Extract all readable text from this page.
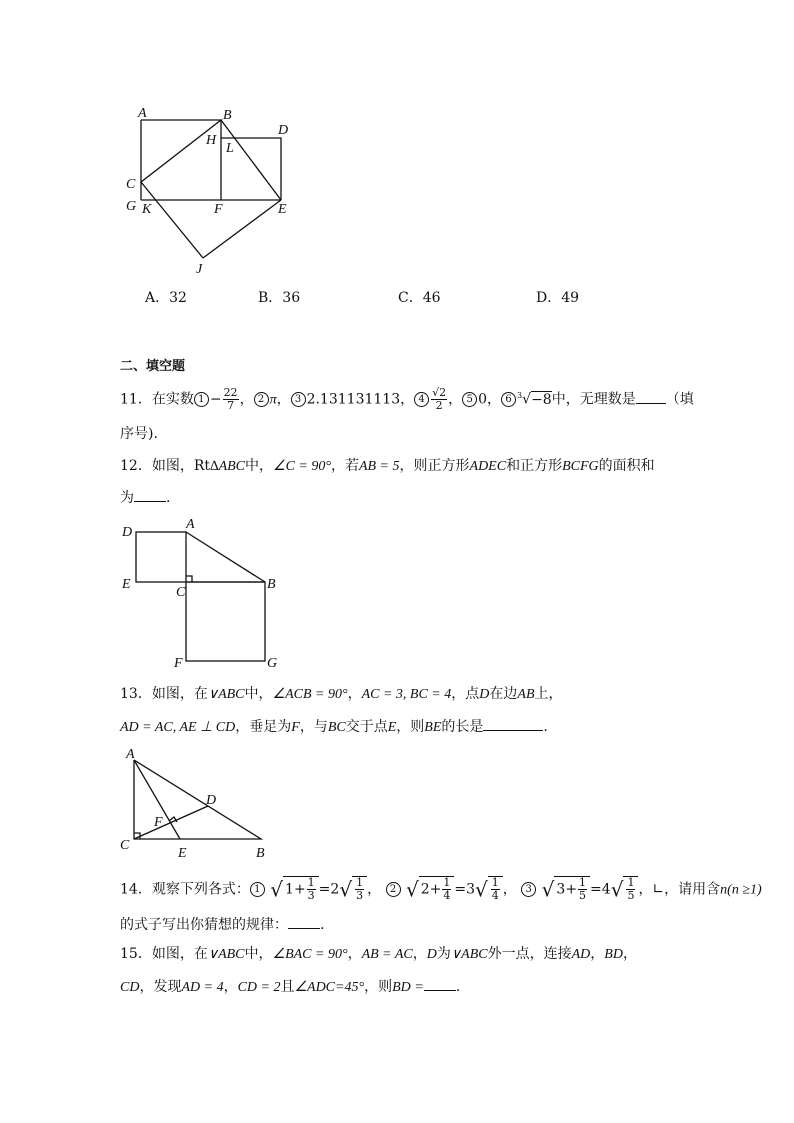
A	B
H
L
D
C
G K	F	E
J
A．32	B．36	C．46	D．49
二、填空题
11．在实数 $1 - \frac{22}{7}$ ， 2 π， 3 2.131131113， $4 \frac{√2}{2}$ ， 5 0， 6 $^3$√−8中，无理数是 （填
序号).
12．如图，Rt∆ABC中，∠C = 90°，若AB = 5，则正方形ADEC和正方形BCFG的面积和
为 .
D
A
E
C
B
F	G
13．如图，在∨ABC中，∠ACB = 90°，AC = 3, BC = 4，点D在边AB上，
AD = AC, AE ⊥ CD，垂足为F，与BC交于点E，则BE的长是	.
A
D
F
C
E	B
14．观察下列各式： 1 √ $1+ \frac{1}{3} =2√ \frac{1}{3}$ ， 2 √ $2+ \frac{1}{4} =3√ \frac{1}{4}$ ， 3 √ $3+ \frac{1}{5} =4√ \frac{1}{5}$ ，∟，请用含n(n ≥1)
的式子写出你猜想的规律： .
15．如图，在∨ABC中，∠BAC = 90°，AB = AC，D为∨ABC外一点，连接AD，BD，
CD，发现AD = 4，CD = 2且∠ADC=45°，则BD = .
